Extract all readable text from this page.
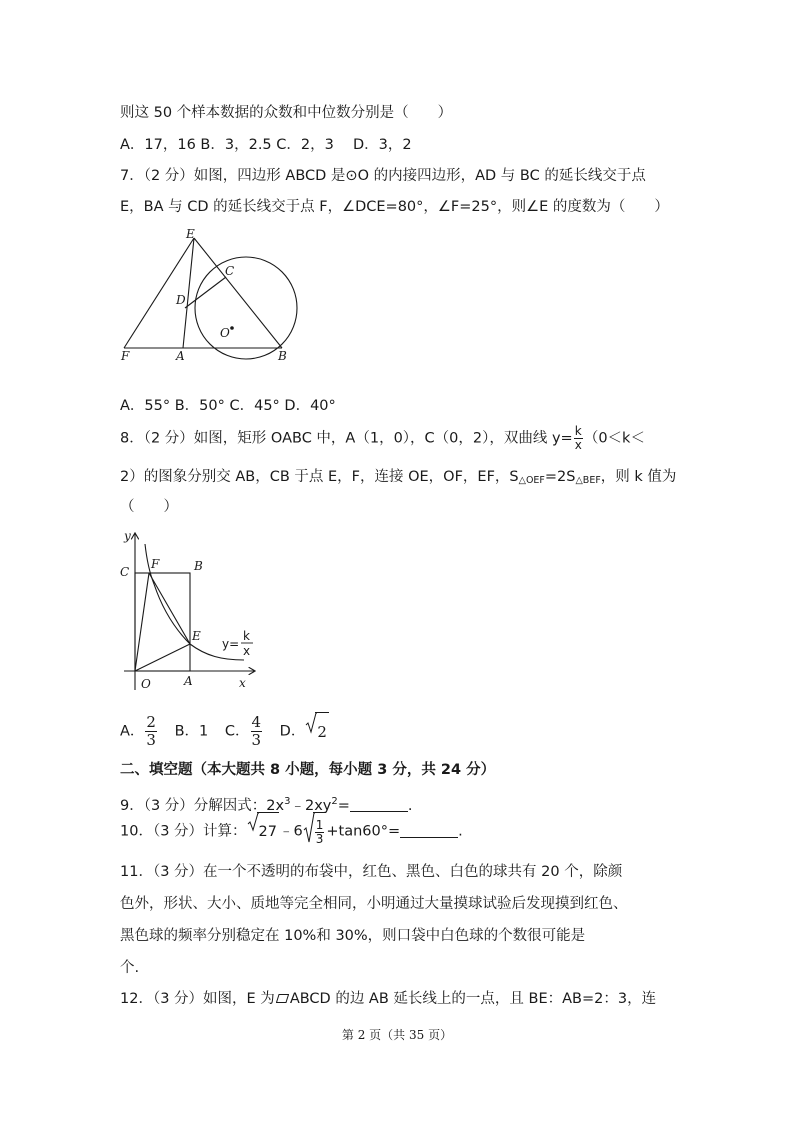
则这 50 个样本数据的众数和中位数分别是（　　）
A．17，16 B．3，2.5 C．2，3　 D．3，2
7．（2 分）如图，四边形 ABCD 是⊙O 的内接四边形，AD 与 BC 的延长线交于点
E，BA 与 CD 的延长线交于点 F，∠DCE=80°，∠F=25°，则∠E 的度数为（　　）
E
C
D
O
F	A	B
A．55° B．50° C．45° D．40°
8．（2 分）如图，矩形 OABC 中，A（1，0），C（0，2），双曲线 $y= \frac{k}{x} (0<k<$
2）的图象分别交 AB，CB 于点 E，F，连接 OE，OF，EF，$S_{\triangle OEF}=2S_{\triangle BEF}$，则 k 值为
（　　）
y
C
F	B
E
O	A	x
y=
k
x
A． $\frac{2}{3}$ B．1 C． $\frac{4}{3}$ D． 2
二、填空题（本大题共 8 小题，每小题 3 分，共 24 分）
9．（3 分）分解因式：$2x^3﹣2xy^2=$	.
10．（3 分）计算： 27 ﹣6 $\frac{1}{3} +\tan 60^\circ=$	.
11．（3 分）在一个不透明的布袋中，红色、黑色、白色的球共有 20 个，除颜
色外，形状、大小、质地等完全相同，小明通过大量摸球试验后发现摸到红色、
黑色球的频率分别稳定在 10%和 30%，则口袋中白色球的个数很可能是
个.
12．（3 分）如图，E 为 ABCD 的边 AB 延长线上的一点，且 BE：AB=2：3，连
第 2 页（共 35 页）
